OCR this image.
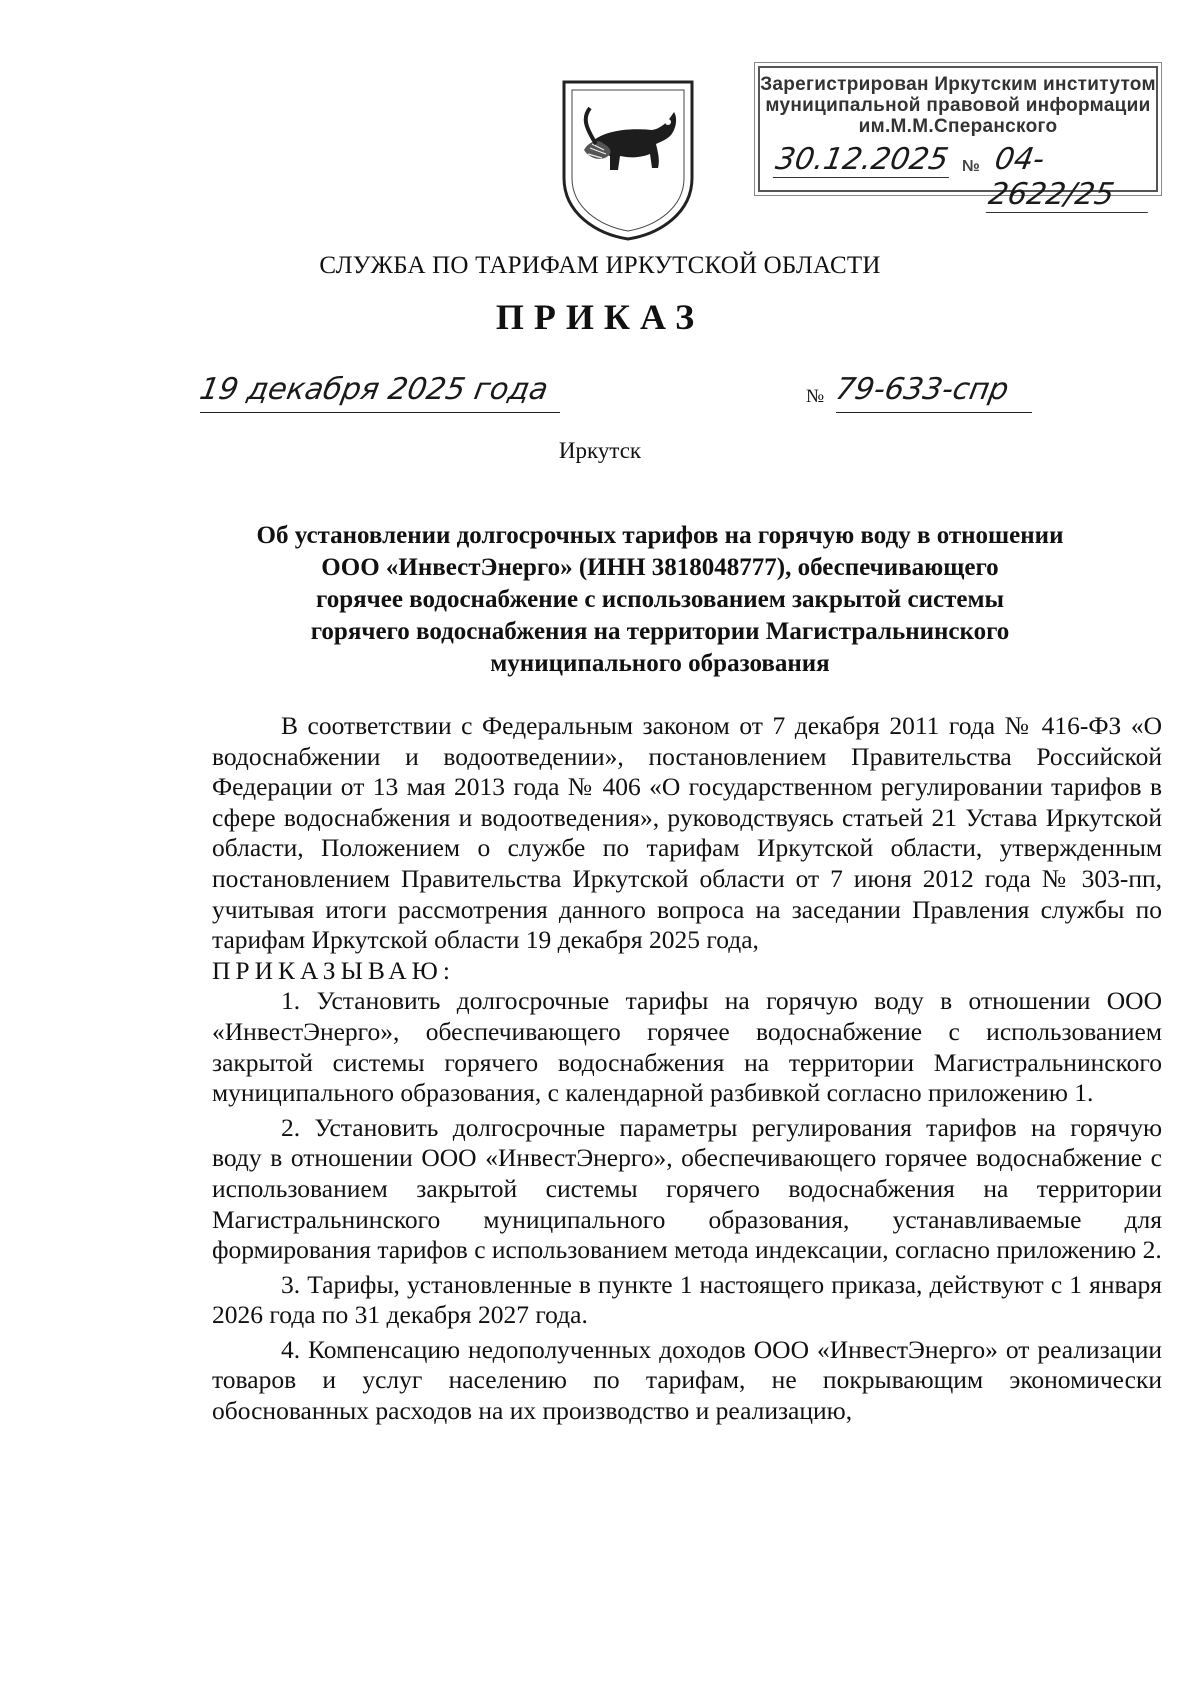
Зарегистрирован Иркутским институтом
муниципальной правовой информации
им.М.М.Сперанского
30.12.2025 № 04-2622/25
СЛУЖБА ПО ТАРИФАМ ИРКУТСКОЙ ОБЛАСТИ
ПРИКАЗ
19 декабря 2025 года	№ 79-633-спр
Иркутск
Об установлении долгосрочных тарифов на горячую воду в отношении
ООО «ИнвестЭнерго» (ИНН 3818048777), обеспечивающего
горячее водоснабжение с использованием закрытой системы
горячего водоснабжения на территории Магистральнинского
муниципального образования

В соответствии с Федеральным законом от 7 декабря 2011 года № 416-ФЗ «О водоснабжении и водоотведении», постановлением Правительства Российской Федерации от 13 мая 2013 года № 406 «О государственном регулировании тарифов в сфере водоснабжения и водоотведения», руководствуясь статьей 21 Устава Иркутской области, Положением о службе по тарифам Иркутской области, утвержденным постановлением Правительства Иркутской области от 7 июня 2012 года № 303-пп, учитывая итоги рассмотрения данного вопроса на заседании Правления службы по тарифам Иркутской области 19 декабря 2025 года,

ПРИКАЗЫВАЮ:

1. Установить долгосрочные тарифы на горячую воду в отношении ООО «ИнвестЭнерго», обеспечивающего горячее водоснабжение с использованием закрытой системы горячего водоснабжения на территории Магистральнинского муниципального образования, с календарной разбивкой согласно приложению 1.

2. Установить долгосрочные параметры регулирования тарифов на горячую воду в отношении ООО «ИнвестЭнерго», обеспечивающего горячее водоснабжение с использованием закрытой системы горячего водоснабжения на территории Магистральнинского муниципального образования, устанавливаемые для формирования тарифов с использованием метода индексации, согласно приложению 2.

3. Тарифы, установленные в пункте 1 настоящего приказа, действуют с 1 января 2026 года по 31 декабря 2027 года.

4. Компенсацию недополученных доходов ООО «ИнвестЭнерго» от реализации товаров и услуг населению по тарифам, не покрывающим экономически обоснованных расходов на их производство и реализацию,
